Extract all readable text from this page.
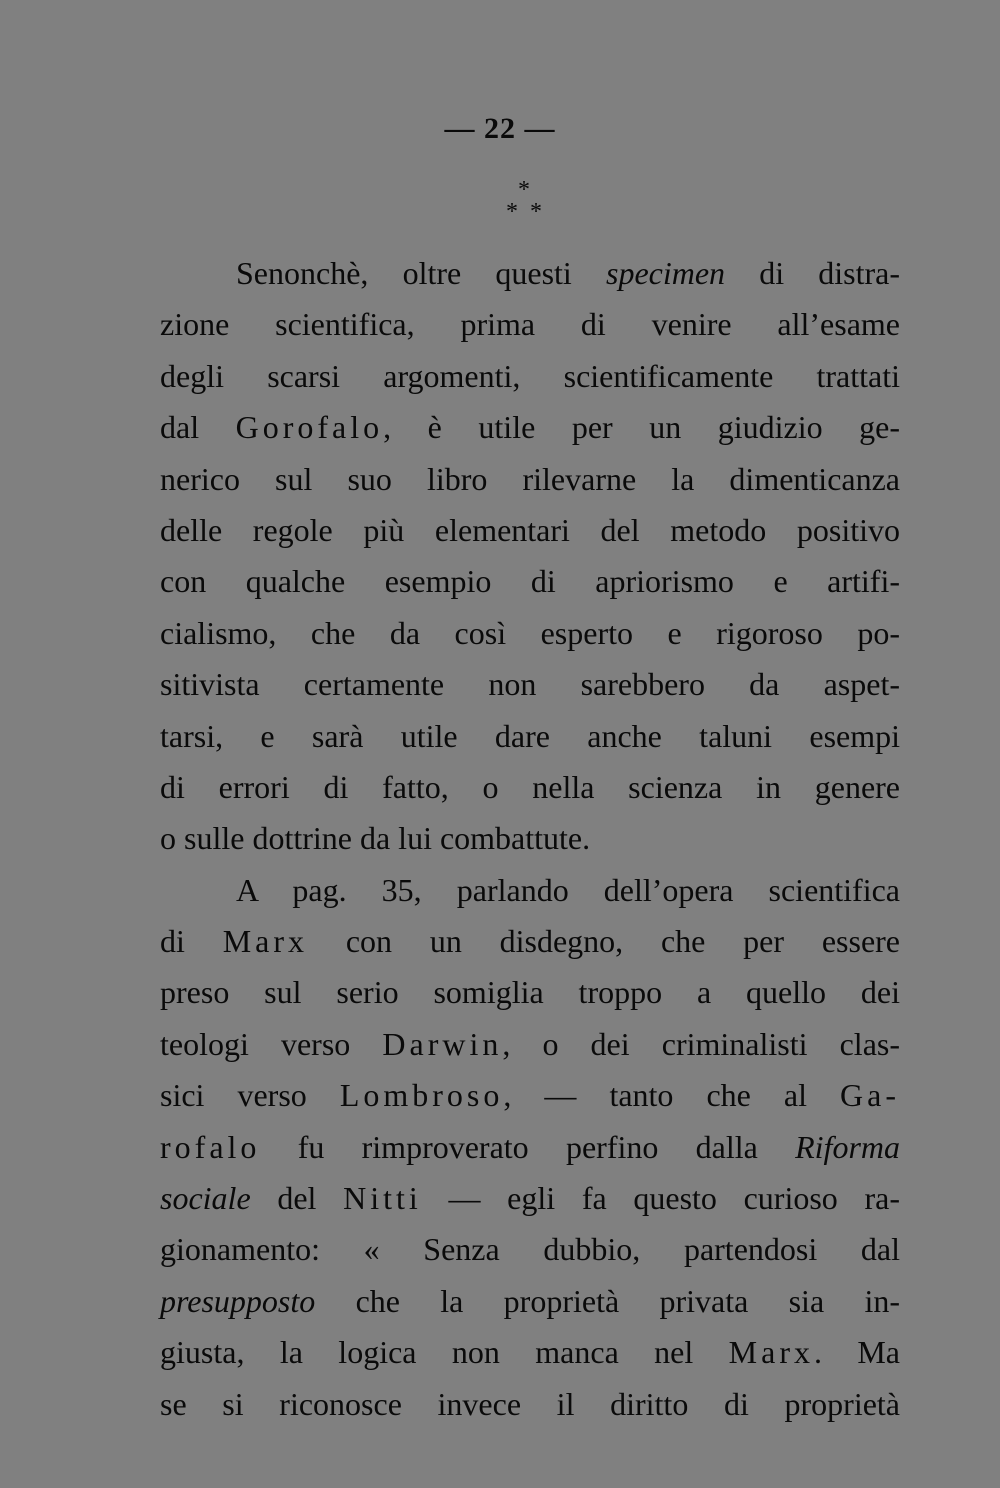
— 22 —
*
* *
Senonchè, oltre questi specimen di distra-
zione scientifica, prima di venire all’esame
degli scarsi argomenti, scientificamente trattati
dal Gorofalo, è utile per un giudizio ge-
nerico sul suo libro rilevarne la dimenticanza
delle regole più elementari del metodo positivo
con qualche esempio di apriorismo e artifi-
cialismo, che da così esperto e rigoroso po-
sitivista certamente non sarebbero da aspet-
tarsi, e sarà utile dare anche taluni esempi
di errori di fatto, o nella scienza in genere
o sulle dottrine da lui combattute.
A pag. 35, parlando dell’opera scientifica
di Marx con un disdegno, che per essere
preso sul serio somiglia troppo a quello dei
teologi verso Darwin, o dei criminalisti clas-
sici verso Lombroso, — tanto che al Ga-
rofalo fu rimproverato perfino dalla Riforma
sociale del Nitti — egli fa questo curioso ra-
gionamento: « Senza dubbio, partendosi dal
presupposto che la proprietà privata sia in-
giusta, la logica non manca nel Marx. Ma
se si riconosce invece il diritto di proprietà
